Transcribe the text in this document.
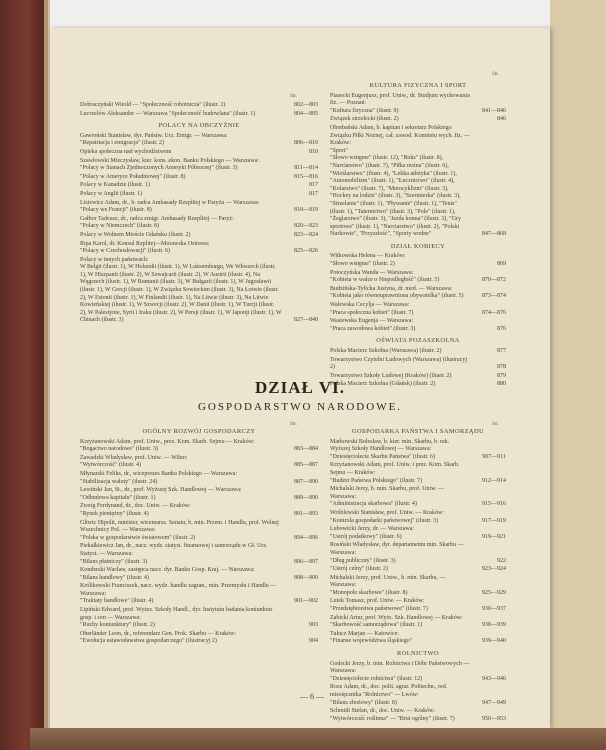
Str.
Str.
Str.	Str.
Dobraczyński Witold — "Społeczność robotnicza" (ilustr. 2)	802—803
Lucrzelów Aleksander — Warszawa "Społeczność budowlana" (ilustr. 1)	804—805
POLACY NA OBCZYŹNIE
Gawroński Stanisław, dyr. Państw. Urz. Emigr. — Warszawa:
"Repatriacja i emigracja" (ilustr. 2)	806—810
Opieka społeczna nad wychodźstwem	810
Szawłowski Mieczysław, kier. kons. ekon. Banku Polskiego — Warszawa:
"Polacy w Stanach Zjednoczonych Ameryki Północnej" (ilustr. 3)	811—814
"Polacy w Ameryce Południowej" (ilustr. 8)	815—816
Polacy w Kanadzie (ilustr. 1)	817
Polacy w Anglii (ilustr. 1)	817
Lisiewicz Adam, dr., b. radca Ambasady Rzeplitej w Paryżu — Warszawa:
"Polacy we Francji" (ilustr. 8)	818—819
Gałbor Tadeusz, dr., radca emigr. Ambasady Rzeplitej — Paryż:
"Polacy w Niemczech" (ilustr. 8)	820—823
Polacy w Wolnem Mieście Gdańsku (ilustr. 2)	823—824
Ripa Karol, dr. Konsul Rzplitej—Morawska Ostrawa:
"Polacy w Czechosłowacji" (ilustr. 6)	825—826
Polacy w innych państwach:
W Belgii (ilustr. 1), W Holandii (ilustr. 1), W Luksemburgu, We Włoszech (ilustr. 1), W Hiszpanii (ilustr. 2), W Szwajcarii (ilustr. 2), W Austrii (ilustr. 4), Na Węgrzech (ilustr. 1), W Rumunii (ilustr. 3), W Bułgarii (ilustr. 1), W Jugosławii (ilustr. 1), W Grecji (ilustr. 1), W Związku Sowieckim (ilustr. 3), Na Łotwie (ilustr. 2), W Estonii (ilustr. 1), W Finlandii (ilustr. 1), Na Litwie (ilustr. 3), Na Litwie Kowieńskiej (ilustr. 1), W Szwecji (ilustr. 2), W Danii (ilustr. 1), W Turcji (ilustr. 2), W Palestynie, Syrii i Iraku (ilustr. 2), W Persji (ilustr. 1), W Japonji (ilustr. 1), W Chinach (ilustr. 3)	827—840
KULTURA FIZYCZNA I SPORT
Piasecki Eugenjusz, prof. Uniw., dr. Studjum wychowania fiz. — Poznań:
"Kultura fizyczna" (ilustr. 9)	841—846
Związek strzelecki (ilustr. 2)	846
Obrebański Adam, b. kapitan i sekretarz Polskiego Związku Piłki Nożnej, cał. zawod. Komitetu wych. fiz. — Kraków:
"Sport"
"Słowo wstępne" (ilustr. 12), "Boks" (ilustr. 8), "Narciarstwo" (ilustr. 7), "Piłka nożna" (ilustr. 6), "Wioślarstwo" (ilustr. 4), "Lekka atletyka" (ilustr. 1), "Automobilizm" (ilustr. 1), "Łucznictwo" (ilustr. 4), "Kolarstwo" (ilustr. 7), "Motocyklizm" (ilustr. 3), "Hockey na lodzie" (ilustr. 3), "Szermierka" (ilustr. 3), "Strzelanie" (ilustr. 1), "Pływanie" (ilustr. 1), "Tenis" (ilustr. 1), "Taternictwo" (ilustr. 3), "Pole" (ilustr. 1), "Żeglarstwo" (ilustr. 3), "Jazda konna" (ilustr. 3), "Gry sportowe" (ilustr. 1), "Narciarstwo" (ilustr. 2), "Polski Nurkowie", "Przyszłość", "Sporty wodne"	847—868
DZIAŁ KOBIECY
Witkowska Helena — Kraków:
"Słowo wstępne" (ilustr. 2)	869
Potoczyńska Wanda — Warszawa:
"Kobieta w walce o Niepodległość" (ilustr. 5)	870—872
Budzińska-Tylicka Justyna, dr. med. — Warszawa:
"Kobieta jako równouprawniona obywatelka" (ilustr. 5)	873—874
Walewska Cecylja — Warszawa:
"Praca społeczna kobiet" (ilustr. 7)	874—876
Wasiewska Eugenja — Warszawa:
"Praca zawodowa kobiet" (ilustr. 3)	876
OŚWIATA POZASZKOLNA
Polska Macierz Szkolna (Warszawa) (ilustr. 2)	877
Towarzystwo Czytelni Ludowych (Warszawa) (ilustracyj 2)	878
Towarzystwo Szkoły Ludowej (Kraków) (ilustr. 2)	879
Polska Macierz Szkolna (Gdańsk) (ilustr. 2)	880
DZIAŁ VI.
GOSPODARSTWO NARODOWE.
OGÓLNY ROZWÓJ GOSPODARCZY
Krzyżanowski Adam, prof. Uniw., prez. Kom. Skarb. Sejmu — Kraków:
"Bogactwo narodowe" (ilustr. 3)	883—884
Zawadzki Władysław, prof. Uniw. — Wilno:
"Wytwórczość" (ilustr. 4)	885—887
Młynarski Feliks, dr., wiceprezes Banku Polskiego — Warszawa:
"Stabilizacja waluty" (ilustr. 24)	887—890
Lewiński Jan, St., dr., prof. Wyższej Szk. Handlowej — Warszawa:
"Odbudowa kapitału" (ilustr. 1)	889—890
Zweig Ferdynand, dr., doc. Uniw. — Kraków:
"Rynek pieniężny" (ilustr. 4)	891—893
Gliwic Hipolit, minister, wicemarsz. Senatu, b. min. Przem. i Handlu, prof. Wolnej Wszechnicy Pol. — Warszawa:
"Polska w gospodarstwie światowem" (ilustr. 2)	894—896
Piekałkiewicz Jan, dr., nacz. wydz. statyst. finansowej i samorządu w Gł. Urz. Statyst. — Warszawa:
"Bilans płatniczy" (ilustr. 3)	896—897
Konderski Wacław, zastępca nacz. dyr. Banku Gosp. Kraj. — Warszawa:
"Bilans handlowy" (ilustr. 4)	898—900
Królikowski Franciszek, nacz. wydz. handlu zagran., min. Przemysłu i Handlu — Warszawa:
"Traktaty handlowe" (ilustr. 4)	901—902
Lipiński Edward, prof. Wyższ. Szkoły Handl., dyr. Instytutu badania koniunktur gosp. i cen — Warszawa:
"Ruchy koniunktury" (ilustr. 2)	903
Oberländer Leon, dr., referendarz Gen. Prok. Skarbu — Kraków:
"Ewolucja ustawodawstwa gospodarczego" (ilustracyj 2)	904
GOSPODARKA PAŃSTWA I SAMORZĄDU
Markowski Bolesław, b. kier. min. Skarbu, b. rek. Wyższej Szkoły Handlowej — Warszawa:
"Dziesięciolecie Skarbu Państwa" (ilustr. 6)	907—911
Krzyżanowski Adam, prof. Uniw. i prez. Kom. Skarb. Sejmu — Kraków:
"Budżet Państwa Polskiego" (ilustr. 7)	912—914
Michalski Jerzy, b. min. Skarbu, prof. Uniw. — Warszawa:
"Administracja skarbowa" (ilustr. 4)	915—916
Wróblewski Stanisław, prof. Uniw. — Kraków:
"Kontrola gospodarki państwowej" (ilustr. 3)	917—919
Lubowicki Jerzy, dr. — Warszawa:
"Ustrój podatkowy" (ilustr. 6)	919—921
Rosiński Władysław, dyr. departamentu min. Skarbu — Warszawa:
"Dług publiczny" (ilustr. 3)	922
"Ustrój celny" (ilustr. 2)	923—924
Michalski Jerzy, prof. Uniw., b. min. Skarbu, — Warszawa:
"Monopole skarbowe" (ilustr. 8)	925—929
Lutek Tomasz, prof. Uniw. — Kraków:
"Przedsiębiorstwa państwowe" (ilustr. 7)	930—937
Zabicki Artur, prof. Wyżs. Szk. Handlowej — Kraków:
"Skarbowość samorządowa" (ilustr. 1)	938—939
Tulucz Marjan — Katowice:
"Finanse województwa śląskiego"	939—940
ROLNICTWO
Godecki Jerzy, b. min. Rolnictwa i Dóbr Państwowych — Warszawa:
"Dziesięciolecie rolnictwa" (ilustr. 12)	943—946
Roze Adam, dr., doc. polit. agrar. Politechn., red. miesięcznika "Rolnictwo" — Lwów:
"Bilans zbożowy" (ilustr. 8)	947—949
Schmidt Stefan, dr., doc. Uniw. — Kraków:
"Wytwórczość roślinna" — "Brut ogólny" (ilustr. 7)	950—953
— 6 —
